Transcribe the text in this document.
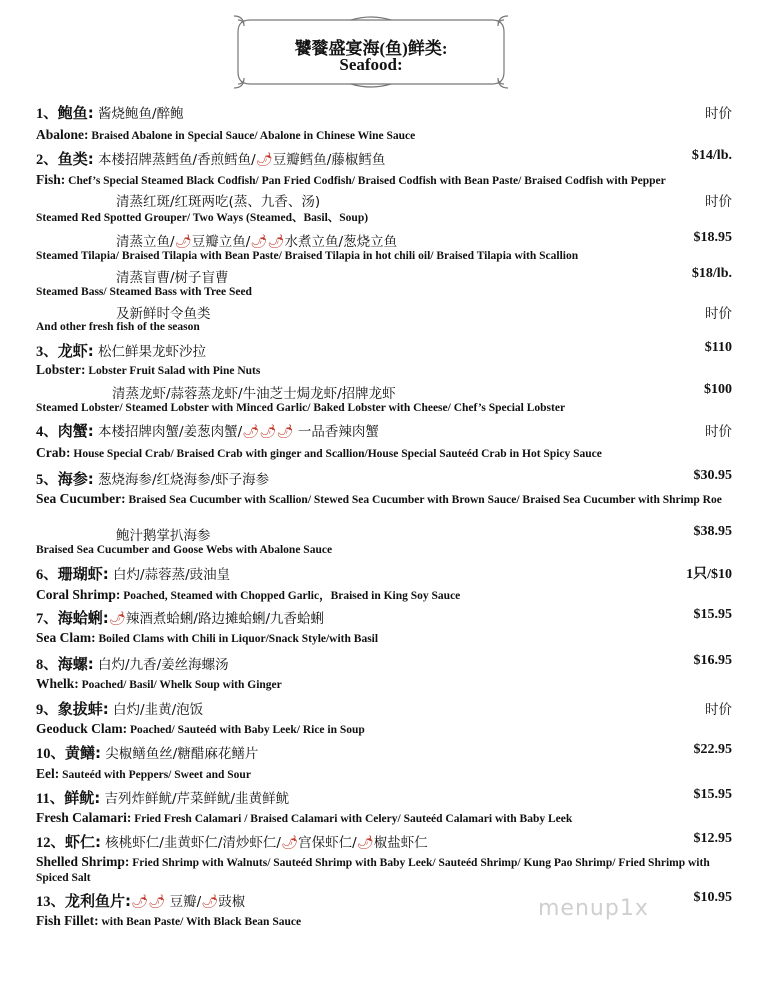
饕餮盛宴海(鱼)鲜类:
Seafood:
1、鲍鱼: 酱烧鲍鱼/醉鲍	时价
Abalone: Braised Abalone in Special Sauce/ Abalone in Chinese Wine Sauce
2、鱼类: 本楼招牌蒸鳕鱼/香煎鳕鱼/🌶豆瓣鳕鱼/藤椒鳕鱼	$14/lb.
Fish: Chef’s Special Steamed Black Codfish/ Pan Fried Codfish/ Braised Codfish with Bean Paste/ Braised Codfish with Pepper
清蒸红斑/红斑两吃(蒸、九香、汤)	时价
Steamed Red Spotted Grouper/ Two Ways (Steamed、Basil、Soup)
清蒸立鱼/🌶豆瓣立鱼/🌶🌶水煮立鱼/葱烧立鱼	$18.95
Steamed Tilapia/ Braised Tilapia with Bean Paste/ Braised Tilapia in hot chili oil/ Braised Tilapia with Scallion
清蒸盲曹/树子盲曹	$18/lb.
Steamed Bass/ Steamed Bass with Tree Seed
及新鲜时令鱼类	时价
And other fresh fish of the season
3、龙虾: 松仁鲜果龙虾沙拉	$110
Lobster: Lobster Fruit Salad with Pine Nuts
清蒸龙虾/蒜蓉蒸龙虾/牛油芝士焗龙虾/招牌龙虾	$100
Steamed Lobster/ Steamed Lobster with Minced Garlic/ Baked Lobster with Cheese/ Chef’s Special Lobster
4、肉蟹: 本楼招牌肉蟹/姜葱肉蟹/🌶🌶🌶 一品香辣肉蟹	时价
Crab: House Special Crab/ Braised Crab with ginger and Scallion/House Special Sauteéd Crab in Hot Spicy Sauce
5、海参: 葱烧海参/红烧海参/虾子海参	$30.95
Sea Cucumber: Braised Sea Cucumber with Scallion/ Stewed Sea Cucumber with Brown Sauce/ Braised Sea Cucumber with Shrimp Roe
鲍汁鹅掌扒海参	$38.95
Braised Sea Cucumber and Goose Webs with Abalone Sauce
6、珊瑚虾: 白灼/蒜蓉蒸/豉油皇	1只/$10
Coral Shrimp: Poached, Steamed with Chopped Garlic，Braised in King Soy Sauce
7、海蛤蜊:🌶辣酒煮蛤蜊/路边摊蛤蜊/九香蛤蜊	$15.95
Sea Clam: Boiled Clams with Chili in Liquor/Snack Style/with Basil
8、海螺: 白灼/九香/姜丝海螺汤	$16.95
Whelk: Poached/ Basil/ Whelk Soup with Ginger
9、象拔蚌: 白灼/韭黄/泡饭	时价
Geoduck Clam: Poached/ Sauteéd with Baby Leek/ Rice in Soup
10、黄鳝: 尖椒鳝鱼丝/糖醋麻花鳝片	$22.95
Eel: Sauteéd with Peppers/ Sweet and Sour
11、鲜鱿: 吉列炸鲜鱿/芹菜鲜鱿/韭黄鲜鱿	$15.95
Fresh Calamari: Fried Fresh Calamari / Braised Calamari with Celery/ Sauteéd Calamari with Baby Leek
12、虾仁: 核桃虾仁/韭黄虾仁/清炒虾仁/🌶宫保虾仁/🌶椒盐虾仁	$12.95
Shelled Shrimp: Fried Shrimp with Walnuts/ Sauteéd Shrimp with Baby Leek/ Sauteéd Shrimp/ Kung Pao Shrimp/ Fried Shrimp with Spiced Salt
13、龙利鱼片:🌶🌶 豆瓣/🌶豉椒	$10.95
Fish Fillet: with Bean Paste/ With Black Bean Sauce
menup1x
